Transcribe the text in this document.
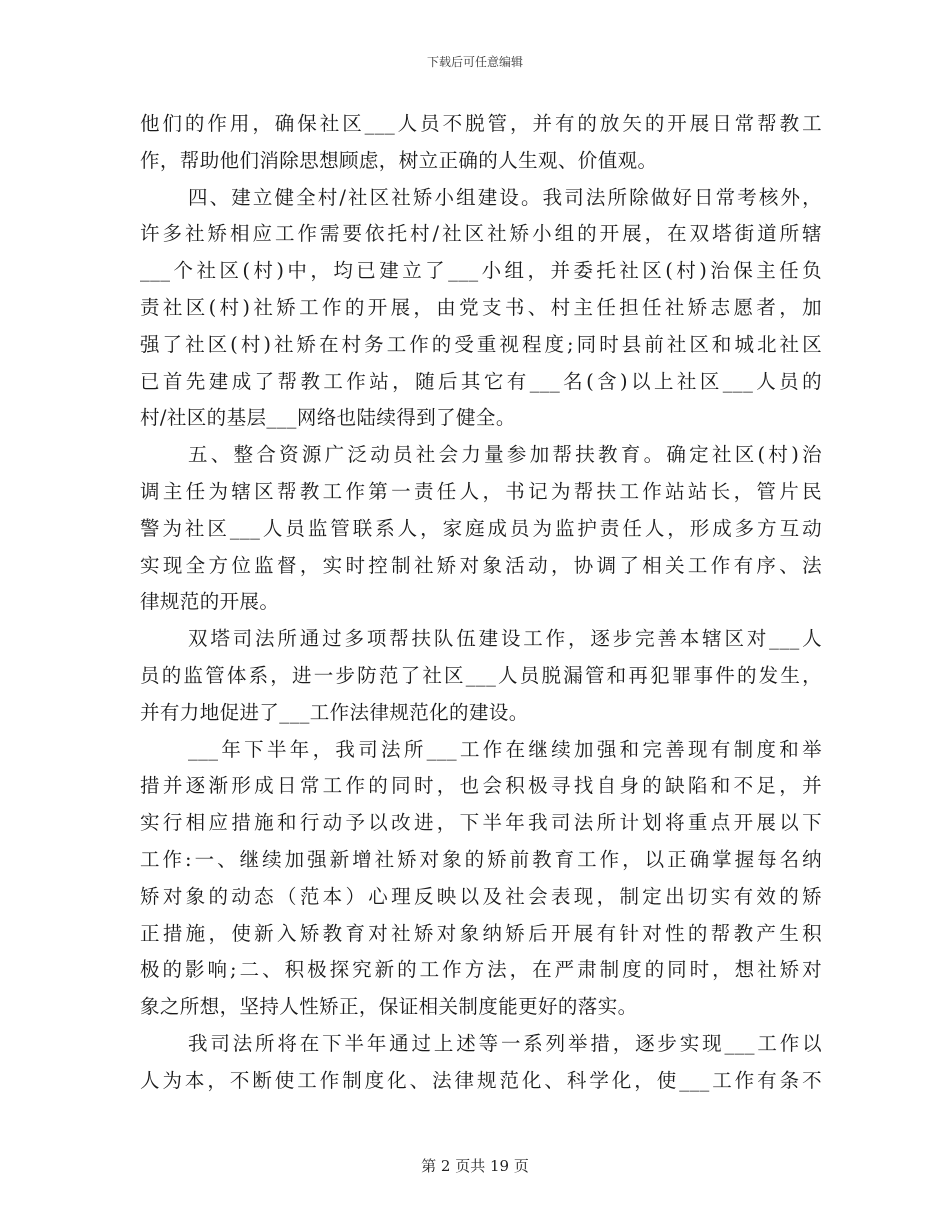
下载后可任意编辑
他们的作用，确保社区___人员不脱管，并有的放矢的开展日常帮教工
作，帮助他们消除思想顾虑，树立正确的人生观、价值观。
四、建立健全村/社区社矫小组建设。我司法所除做好日常考核外，
许多社矫相应工作需要依托村/社区社矫小组的开展，在双塔街道所辖
___个社区(村)中，均已建立了___小组，并委托社区(村)治保主任负
责社区(村)社矫工作的开展，由党支书、村主任担任社矫志愿者，加
强了社区(村)社矫在村务工作的受重视程度;同时县前社区和城北社区
已首先建成了帮教工作站，随后其它有___名(含)以上社区___人员的
村/社区的基层___网络也陆续得到了健全。
五、整合资源广泛动员社会力量参加帮扶教育。确定社区(村)治
调主任为辖区帮教工作第一责任人，书记为帮扶工作站站长，管片民
警为社区___人员监管联系人，家庭成员为监护责任人，形成多方互动
实现全方位监督，实时控制社矫对象活动，协调了相关工作有序、法
律规范的开展。
双塔司法所通过多项帮扶队伍建设工作，逐步完善本辖区对___人
员的监管体系，进一步防范了社区___人员脱漏管和再犯罪事件的发生，
并有力地促进了___工作法律规范化的建设。
___年下半年，我司法所___工作在继续加强和完善现有制度和举
措并逐渐形成日常工作的同时，也会积极寻找自身的缺陷和不足，并
实行相应措施和行动予以改进，下半年我司法所计划将重点开展以下
工作:一、继续加强新增社矫对象的矫前教育工作，以正确掌握每名纳
矫对象的动态（范本）心理反映以及社会表现，制定出切实有效的矫
正措施，使新入矫教育对社矫对象纳矫后开展有针对性的帮教产生积
极的影响;二、积极探究新的工作方法，在严肃制度的同时，想社矫对
象之所想，坚持人性矫正，保证相关制度能更好的落实。
我司法所将在下半年通过上述等一系列举措，逐步实现___工作以
人为本，不断使工作制度化、法律规范化、科学化，使___工作有条不
第 2 页共 19 页
